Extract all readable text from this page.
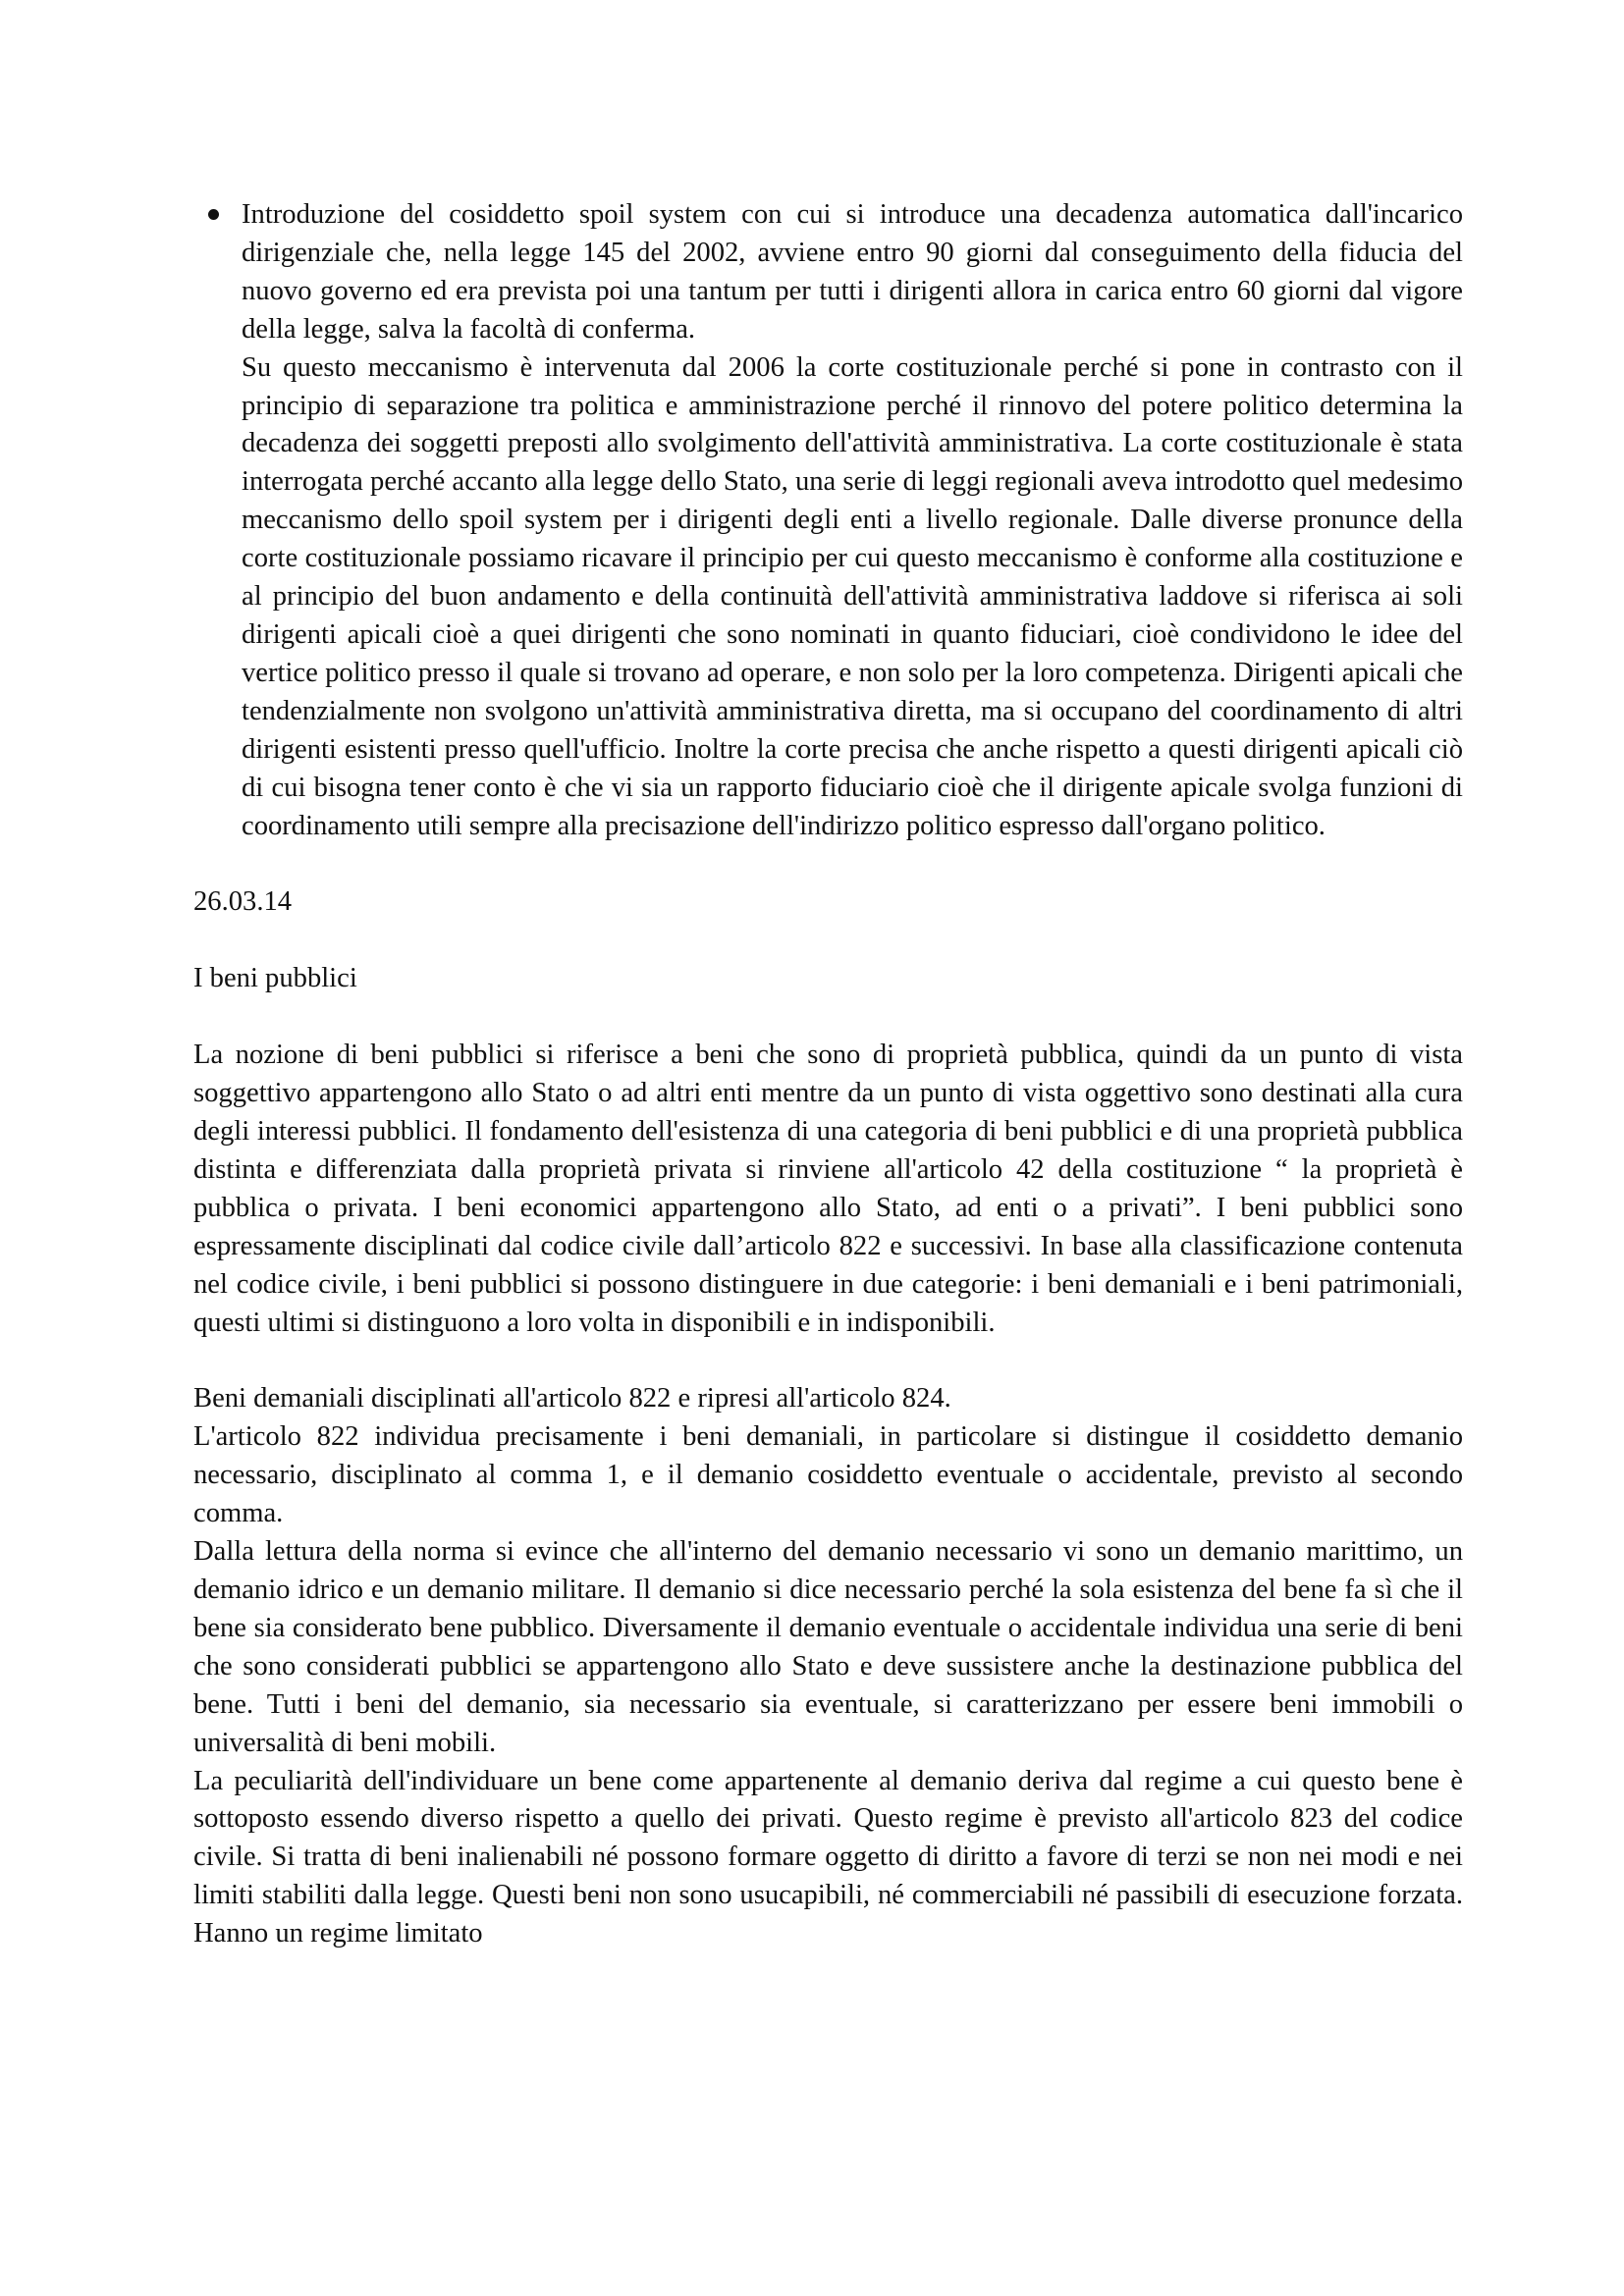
Introduzione del cosiddetto spoil system con cui si introduce una decadenza automatica dall'incarico dirigenziale che, nella legge 145 del 2002, avviene entro 90 giorni dal conseguimento della fiducia del nuovo governo ed era prevista poi una tantum per tutti i dirigenti allora in carica entro 60 giorni dal vigore della legge, salva la facoltà di conferma.

Su questo meccanismo è intervenuta dal 2006 la corte costituzionale perché si pone in contrasto con il principio di separazione tra politica e amministrazione perché il rinnovo del potere politico determina la decadenza dei soggetti preposti allo svolgimento dell'attività amministrativa. La corte costituzionale è stata interrogata perché accanto alla legge dello Stato, una serie di leggi regionali aveva introdotto quel medesimo meccanismo dello spoil system per i dirigenti degli enti a livello regionale. Dalle diverse pronunce della corte costituzionale possiamo ricavare il principio per cui questo meccanismo è conforme alla costituzione e al principio del buon andamento e della continuità dell'attività amministrativa laddove si riferisca ai soli dirigenti apicali cioè a quei dirigenti che sono nominati in quanto fiduciari, cioè condividono le idee del vertice politico presso il quale si trovano ad operare, e non solo per la loro competenza. Dirigenti apicali che tendenzialmente non svolgono un'attività amministrativa diretta, ma si occupano del coordinamento di altri dirigenti esistenti presso quell'ufficio. Inoltre la corte precisa che anche rispetto a questi dirigenti apicali ciò di cui bisogna tener conto è che vi sia un rapporto fiduciario cioè che il dirigente apicale svolga funzioni di coordinamento utili sempre alla precisazione dell'indirizzo politico espresso dall'organo politico.

26.03.14

I beni pubblici

La nozione di beni pubblici si riferisce a beni che sono di proprietà pubblica, quindi da un punto di vista soggettivo appartengono allo Stato o ad altri enti mentre da un punto di vista oggettivo sono destinati alla cura degli interessi pubblici. Il fondamento dell'esistenza di una categoria di beni pubblici e di una proprietà pubblica distinta e differenziata dalla proprietà privata si rinviene all'articolo 42 della costituzione “ la proprietà è pubblica o privata. I beni economici appartengono allo Stato, ad enti o a privati”. I beni pubblici sono espressamente disciplinati dal codice civile dall’articolo 822 e successivi. In base alla classificazione contenuta nel codice civile, i beni pubblici si possono distinguere in due categorie: i beni demaniali e i beni patrimoniali, questi ultimi si distinguono a loro volta in disponibili e in indisponibili.

Beni demaniali disciplinati all'articolo 822 e ripresi all'articolo 824.

L'articolo 822 individua precisamente i beni demaniali, in particolare si distingue il cosiddetto demanio necessario, disciplinato al comma 1, e il demanio cosiddetto eventuale o accidentale, previsto al secondo comma.

Dalla lettura della norma si evince che all'interno del demanio necessario vi sono un demanio marittimo, un demanio idrico e un demanio militare. Il demanio si dice necessario perché la sola esistenza del bene fa sì che il bene sia considerato bene pubblico. Diversamente il demanio eventuale o accidentale individua una serie di beni che sono considerati pubblici se appartengono allo Stato e deve sussistere anche la destinazione pubblica del bene. Tutti i beni del demanio, sia necessario sia eventuale, si caratterizzano per essere beni immobili o universalità di beni mobili.

La peculiarità dell'individuare un bene come appartenente al demanio deriva dal regime a cui questo bene è sottoposto essendo diverso rispetto a quello dei privati. Questo regime è previsto all'articolo 823 del codice civile. Si tratta di beni inalienabili né possono formare oggetto di diritto a favore di terzi se non nei modi e nei limiti stabiliti dalla legge. Questi beni non sono usucapibili, né commerciabili né passibili di esecuzione forzata. Hanno un regime limitato
